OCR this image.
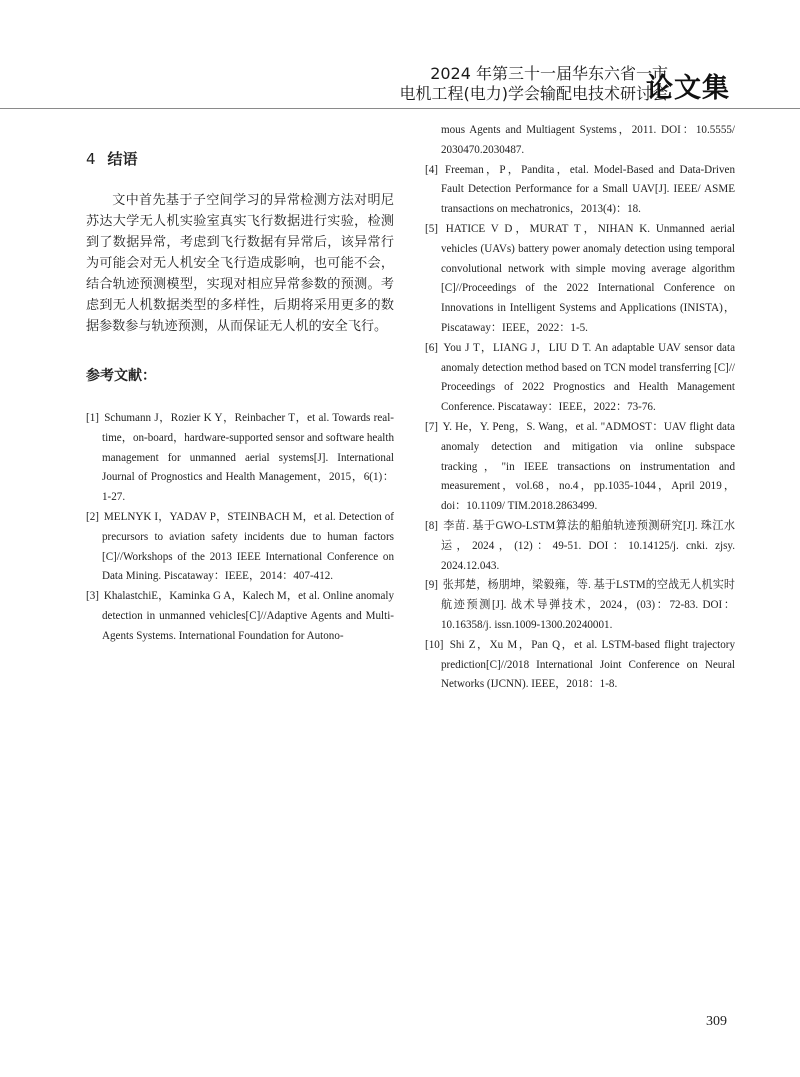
2024 年第三十一届华东六省一市
电机工程(电力)学会输配电技术研讨会
论文集
4 结语

文中首先基于子空间学习的异常检测方法对明尼苏达大学无人机实验室真实飞行数据进行实验，检测到了数据异常，考虑到飞行数据有异常后，该异常行为可能会对无人机安全飞行造成影响，也可能不会，结合轨迹预测模型，实现对相应异常参数的预测。考虑到无人机数据类型的多样性，后期将采用更多的数据参数参与轨迹预测，从而保证无人机的安全飞行。

参考文献：

[1] Schumann J，Rozier K Y，Reinbacher T，et al. Towards real-time，on-board，hardware-supported sensor and software health management for unmanned aerial systems[J]. International Journal of Prognostics and Health Management，2015，6(1)：1-27.

[2] MELNYK I，YADAV P，STEINBACH M，et al. Detection of precursors to aviation safety incidents due to human factors [C]//Workshops of the 2013 IEEE International Conference on Data Mining. Piscataway：IEEE，2014：407-412.

[3] KhalastchiE，Kaminka G A，Kalech M，et al. Online anomaly detection in unmanned vehicles[C]//Adaptive Agents and Multi-Agents Systems. International Foundation for Autono-

mous Agents and Multiagent Systems，2011. DOI：10.5555/ 2030470.2030487.

[4] Freeman，P，Pandita，etal. Model-Based and Data-Driven Fault Detection Performance for a Small UAV[J]. IEEE/ ASME transactions on mechatronics，2013(4)：18.

[5] HATICE V D，MURAT T，NIHAN K. Unmanned aerial vehicles (UAVs) battery power anomaly detection using temporal convolutional network with simple moving average algorithm [C]//Proceedings of the 2022 International Conference on Innovations in Intelligent Systems and Applications (INISTA)，Piscataway：IEEE，2022：1-5.

[6] You J T，LIANG J，LIU D T. An adaptable UAV sensor data anomaly detection method based on TCN model transferring [C]// Proceedings of 2022 Prognostics and Health Management Conference. Piscataway：IEEE，2022：73-76.

[7] Y. He，Y. Peng，S. Wang，et al. "ADMOST：UAV flight data anomaly detection and mitigation via online subspace tracking，"in IEEE transactions on instrumentation and measurement，vol.68，no.4，pp.1035-1044，April 2019，doi：10.1109/ TIM.2018.2863499.

[8] 李苗. 基于GWO-LSTM算法的船舶轨迹预测研究[J]. 珠江水运，2024，(12)：49-51. DOI：10.14125/j. cnki. zjsy. 2024.12.043.

[9] 张邦楚，杨朋坤，梁毅雍，等. 基于LSTM的空战无人机实时航迹预测[J]. 战术导弹技术，2024，(03)：72-83. DOI：10.16358/j. issn.1009-1300.20240001.

[10] Shi Z，Xu M，Pan Q，et al. LSTM-based flight trajectory prediction[C]//2018 International Joint Conference on Neural Networks (IJCNN). IEEE，2018：1-8.

309
